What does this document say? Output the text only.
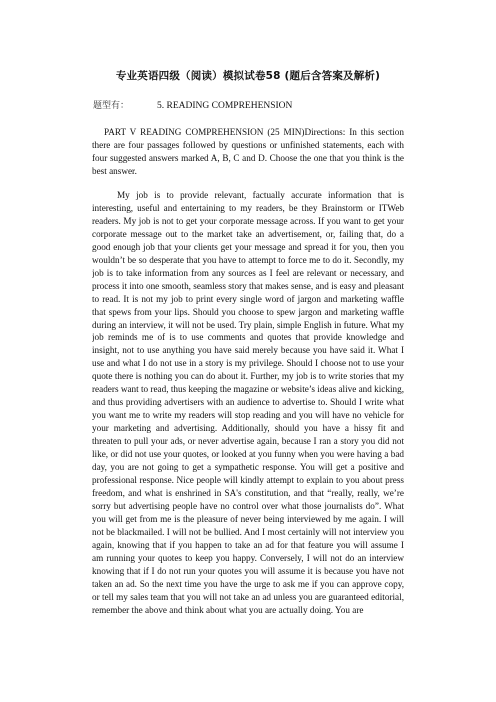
专业英语四级（阅读）模拟试卷58 (题后含答案及解析)
题型有：	5. READING COMPREHENSION
PART V READING COMPREHENSION (25 MIN)Directions: In this section there are four passages followed by questions or unfinished statements, each with four suggested answers marked A, B, C and D. Choose the one that you think is the best answer.
My job is to provide relevant, factually accurate information that is interesting, useful and entertaining to my readers, be they Brainstorm or ITWeb readers. My job is not to get your corporate message across. If you want to get your corporate message out to the market take an advertisement, or, failing that, do a good enough job that your clients get your message and spread it for you, then you wouldn’t be so desperate that you have to attempt to force me to do it. Secondly, my job is to take information from any sources as I feel are relevant or necessary, and process it into one smooth, seamless story that makes sense, and is easy and pleasant to read. It is not my job to print every single word of jargon and marketing waffle that spews from your lips. Should you choose to spew jargon and marketing waffle during an interview, it will not be used. Try plain, simple English in future. What my job reminds me of is to use comments and quotes that provide knowledge and insight, not to use anything you have said merely because you have said it. What I use and what I do not use in a story is my privilege. Should I choose not to use your quote there is nothing you can do about it. Further, my job is to write stories that my readers want to read, thus keeping the magazine or website’s ideas alive and kicking, and thus providing advertisers with an audience to advertise to. Should I write what you want me to write my readers will stop reading and you will have no vehicle for your marketing and advertising. Additionally, should you have a hissy fit and threaten to pull your ads, or never advertise again, because I ran a story you did not like, or did not use your quotes, or looked at you funny when you were having a bad day, you are not going to get a sympathetic response. You will get a positive and professional response. Nice people will kindly attempt to explain to you about press freedom, and what is enshrined in SA's constitution, and that “really, really, we’re sorry but advertising people have no control over what those journalists do”. What you will get from me is the pleasure of never being interviewed by me again. I will not be blackmailed. I will not be bullied. And I most certainly will not interview you again, knowing that if you happen to take an ad for that feature you will assume I am running your quotes to keep you happy. Conversely, I will not do an interview knowing that if I do not run your quotes you will assume it is because you have not taken an ad. So the next time you have the urge to ask me if you can approve copy, or tell my sales team that you will not take an ad unless you are guaranteed editorial, remember the above and think about what you are actually doing. You are
